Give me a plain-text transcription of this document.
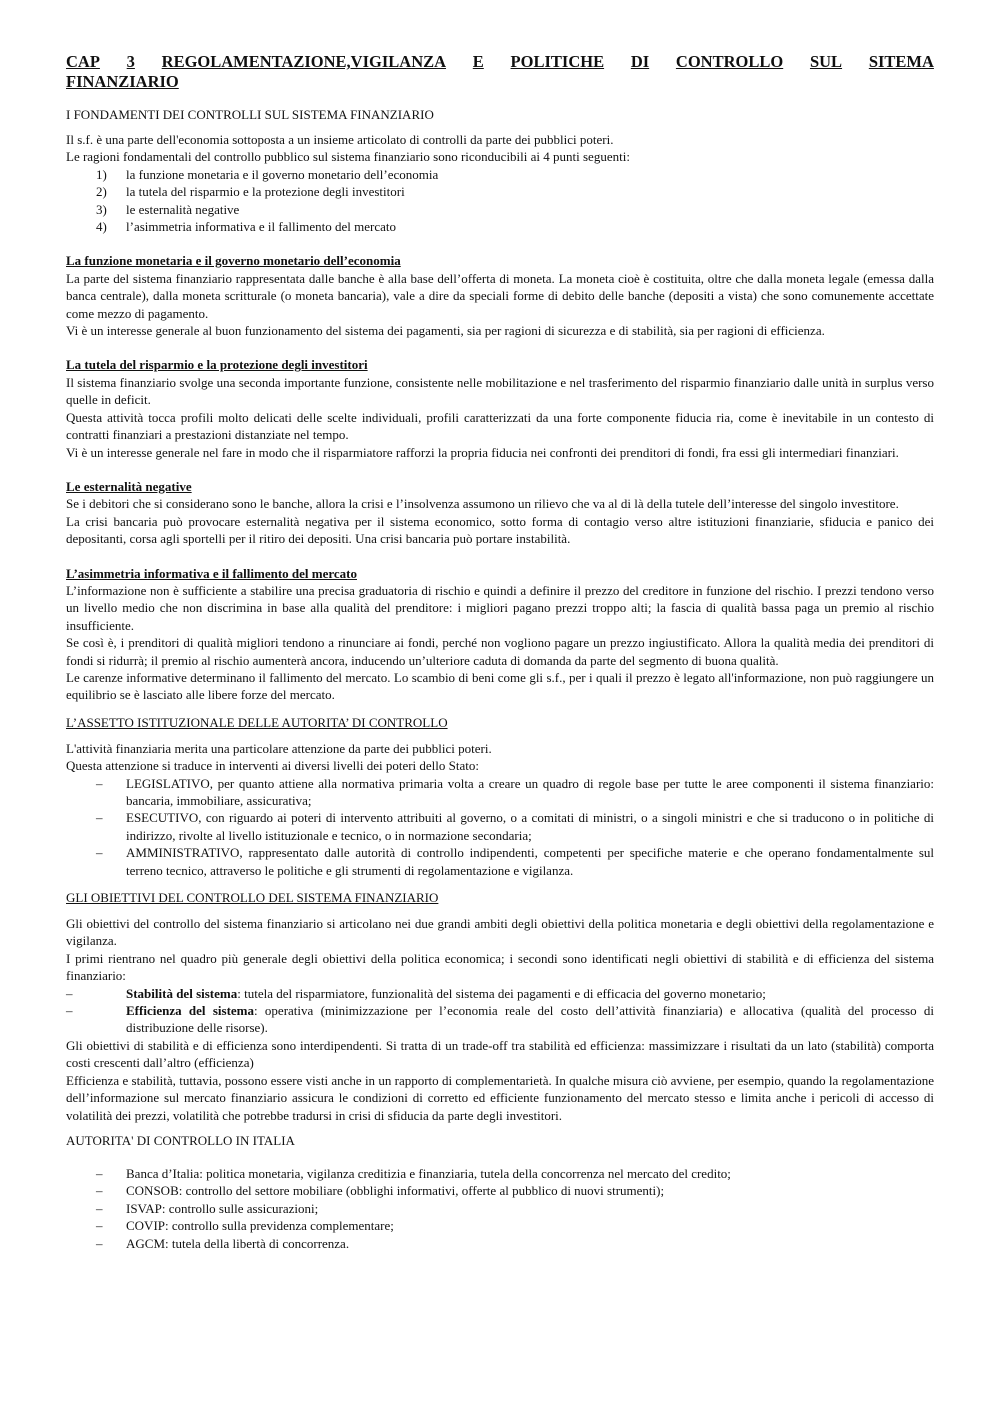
CAP 3 REGOLAMENTAZIONE,VIGILANZA E POLITICHE DI CONTROLLO SUL SITEMA
FINANZIARIO
I FONDAMENTI DEI CONTROLLI SUL SISTEMA FINANZIARIO

Il s.f. è una parte dell'economia sottoposta a un insieme articolato di controlli da parte dei pubblici poteri.

Le ragioni fondamentali del controllo pubblico sul sistema finanziario sono riconducibili ai 4 punti seguenti:

1)	la funzione monetaria e il governo monetario dell’economia
2)	la tutela del risparmio e la protezione degli investitori
3)	le esternalità negative
4)	l’asimmetria informativa e il fallimento del mercato
La funzione monetaria e il governo monetario dell’economia

La parte del sistema finanziario rappresentata dalle banche è alla base dell’offerta di moneta. La moneta cioè è costituita, oltre che dalla moneta legale (emessa dalla banca centrale), dalla moneta scritturale (o moneta bancaria), vale a dire da speciali forme di debito delle banche (depositi a vista) che sono comunemente accettate come mezzo di pagamento.

Vi è un interesse generale al buon funzionamento del sistema dei pagamenti, sia per ragioni di sicurezza e di stabilità, sia per ragioni di efficienza.

La tutela del risparmio e la protezione degli investitori

Il sistema finanziario svolge una seconda importante funzione, consistente nelle mobilitazione e nel trasferimento del risparmio finanziario dalle unità in surplus verso quelle in deficit.

Questa attività tocca profili molto delicati delle scelte individuali, profili caratterizzati da una forte componente fiducia ria, come è inevitabile in un contesto di contratti finanziari a prestazioni distanziate nel tempo.

Vi è un interesse generale nel fare in modo che il risparmiatore rafforzi la propria fiducia nei confronti dei prenditori di fondi, fra essi gli intermediari finanziari.

Le esternalità negative

Se i debitori che si considerano sono le banche, allora la crisi e l’insolvenza assumono un rilievo che va al di là della tutele dell’interesse del singolo investitore.

La crisi bancaria può provocare esternalità negativa per il sistema economico, sotto forma di contagio verso altre istituzioni finanziarie, sfiducia e panico dei depositanti, corsa agli sportelli per il ritiro dei depositi. Una crisi bancaria può portare instabilità.

L’asimmetria informativa e il fallimento del mercato

L’informazione non è sufficiente a stabilire una precisa graduatoria di rischio e quindi a definire il prezzo del creditore in funzione del rischio. I prezzi tendono verso un livello medio che non discrimina in base alla qualità del prenditore: i migliori pagano prezzi troppo alti; la fascia di qualità bassa paga un premio al rischio insufficiente.

Se così è, i prenditori di qualità migliori tendono a rinunciare ai fondi, perché non vogliono pagare un prezzo ingiustificato. Allora la qualità media dei prenditori di fondi si ridurrà; il premio al rischio aumenterà ancora, inducendo un’ulteriore caduta di domanda da parte del segmento di buona qualità.

Le carenze informative determinano il fallimento del mercato. Lo scambio di beni come gli s.f., per i quali il prezzo è legato all'informazione, non può raggiungere un equilibrio se è lasciato alle libere forze del mercato.

L’ASSETTO ISTITUZIONALE DELLE AUTORITA’ DI CONTROLLO

L'attività finanziaria merita una particolare attenzione da parte dei pubblici poteri.

Questa attenzione si traduce in interventi ai diversi livelli dei poteri dello Stato:

–	LEGISLATIVO, per quanto attiene alla normativa primaria volta a creare un quadro di regole base per tutte le aree componenti il sistema finanziario: bancaria, immobiliare, assicurativa;
–	ESECUTIVO, con riguardo ai poteri di intervento attribuiti al governo, o a comitati di ministri, o a singoli ministri e che si traducono o in politiche di indirizzo, rivolte al livello istituzionale e tecnico, o in normazione secondaria;
–	AMMINISTRATIVO, rappresentato dalle autorità di controllo indipendenti, competenti per specifiche materie e che operano fondamentalmente sul terreno tecnico, attraverso le politiche e gli strumenti di regolamentazione e vigilanza.
GLI OBIETTIVI DEL CONTROLLO DEL SISTEMA FINANZIARIO

Gli obiettivi del controllo del sistema finanziario si articolano nei due grandi ambiti degli obiettivi della politica monetaria e degli obiettivi della regolamentazione e vigilanza.

I primi rientrano nel quadro più generale degli obiettivi della politica economica; i secondi sono identificati negli obiettivi di stabilità e di efficienza del sistema finanziario:

–	Stabilità del sistema: tutela del risparmiatore, funzionalità del sistema dei pagamenti e di efficacia del governo monetario;
–	Efficienza del sistema: operativa (minimizzazione per l’economia reale del costo dell’attività finanziaria) e allocativa (qualità del processo di distribuzione delle risorse).

Gli obiettivi di stabilità e di efficienza sono interdipendenti. Si tratta di un trade-off tra stabilità ed efficienza: massimizzare i risultati da un lato (stabilità) comporta costi crescenti dall’altro (efficienza)

Efficienza e stabilità, tuttavia, possono essere visti anche in un rapporto di complementarietà. In qualche misura ciò avviene, per esempio, quando la regolamentazione dell’informazione sul mercato finanziario assicura le condizioni di corretto ed efficiente funzionamento del mercato stesso e limita anche i pericoli di accesso di volatilità dei prezzi, volatilità che potrebbe tradursi in crisi di sfiducia da parte degli investitori.

AUTORITA' DI CONTROLLO IN ITALIA
–	Banca d’Italia: politica monetaria, vigilanza creditizia e finanziaria, tutela della concorrenza nel mercato del credito;
–	CONSOB: controllo del settore mobiliare (obblighi informativi, offerte al pubblico di nuovi strumenti);
–	ISVAP: controllo sulle assicurazioni;
–	COVIP: controllo sulla previdenza complementare;
–	AGCM: tutela della libertà di concorrenza.
